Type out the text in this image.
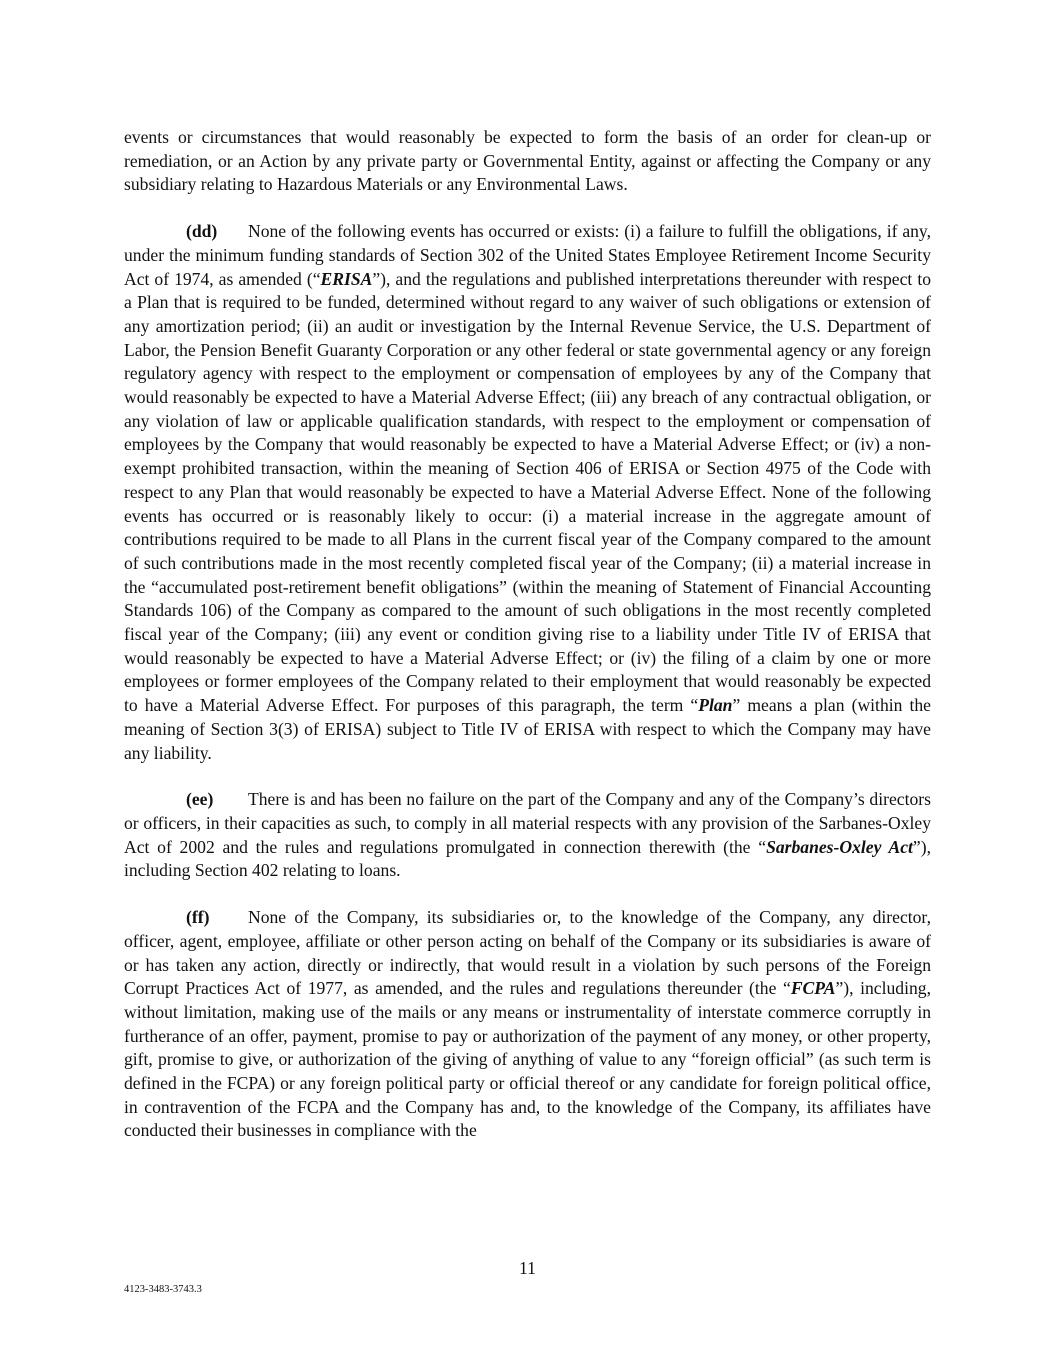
events or circumstances that would reasonably be expected to form the basis of an order for clean-up or remediation, or an Action by any private party or Governmental Entity, against or affecting the Company or any subsidiary relating to Hazardous Materials or any Environmental Laws.

(dd) None of the following events has occurred or exists: (i) a failure to fulfill the obligations, if any, under the minimum funding standards of Section 302 of the United States Employee Retirement Income Security Act of 1974, as amended (“ERISA”), and the regulations and published interpretations thereunder with respect to a Plan that is required to be funded, determined without regard to any waiver of such obligations or extension of any amortization period; (ii) an audit or investigation by the Internal Revenue Service, the U.S. Department of Labor, the Pension Benefit Guaranty Corporation or any other federal or state governmental agency or any foreign regulatory agency with respect to the employment or compensation of employees by any of the Company that would reasonably be expected to have a Material Adverse Effect; (iii) any breach of any contractual obligation, or any violation of law or applicable qualification standards, with respect to the employment or compensation of employees by the Company that would reasonably be expected to have a Material Adverse Effect; or (iv) a non-exempt prohibited transaction, within the meaning of Section 406 of ERISA or Section 4975 of the Code with respect to any Plan that would reasonably be expected to have a Material Adverse Effect. None of the following events has occurred or is reasonably likely to occur: (i) a material increase in the aggregate amount of contributions required to be made to all Plans in the current fiscal year of the Company compared to the amount of such contributions made in the most recently completed fiscal year of the Company; (ii) a material increase in the “accumulated post-retirement benefit obligations” (within the meaning of Statement of Financial Accounting Standards 106) of the Company as compared to the amount of such obligations in the most recently completed fiscal year of the Company; (iii) any event or condition giving rise to a liability under Title IV of ERISA that would reasonably be expected to have a Material Adverse Effect; or (iv) the filing of a claim by one or more employees or former employees of the Company related to their employment that would reasonably be expected to have a Material Adverse Effect. For purposes of this paragraph, the term “Plan” means a plan (within the meaning of Section 3(3) of ERISA) subject to Title IV of ERISA with respect to which the Company may have any liability.

(ee) There is and has been no failure on the part of the Company and any of the Company’s directors or officers, in their capacities as such, to comply in all material respects with any provision of the Sarbanes-Oxley Act of 2002 and the rules and regulations promulgated in connection therewith (the “Sarbanes-Oxley Act”), including Section 402 relating to loans.

(ff) None of the Company, its subsidiaries or, to the knowledge of the Company, any director, officer, agent, employee, affiliate or other person acting on behalf of the Company or its subsidiaries is aware of or has taken any action, directly or indirectly, that would result in a violation by such persons of the Foreign Corrupt Practices Act of 1977, as amended, and the rules and regulations thereunder (the “FCPA”), including, without limitation, making use of the mails or any means or instrumentality of interstate commerce corruptly in furtherance of an offer, payment, promise to pay or authorization of the payment of any money, or other property, gift, promise to give, or authorization of the giving of anything of value to any “foreign official” (as such term is defined in the FCPA) or any foreign political party or official thereof or any candidate for foreign political office, in contravention of the FCPA and the Company has and, to the knowledge of the Company, its affiliates have conducted their businesses in compliance with the

11
4123-3483-3743.3
